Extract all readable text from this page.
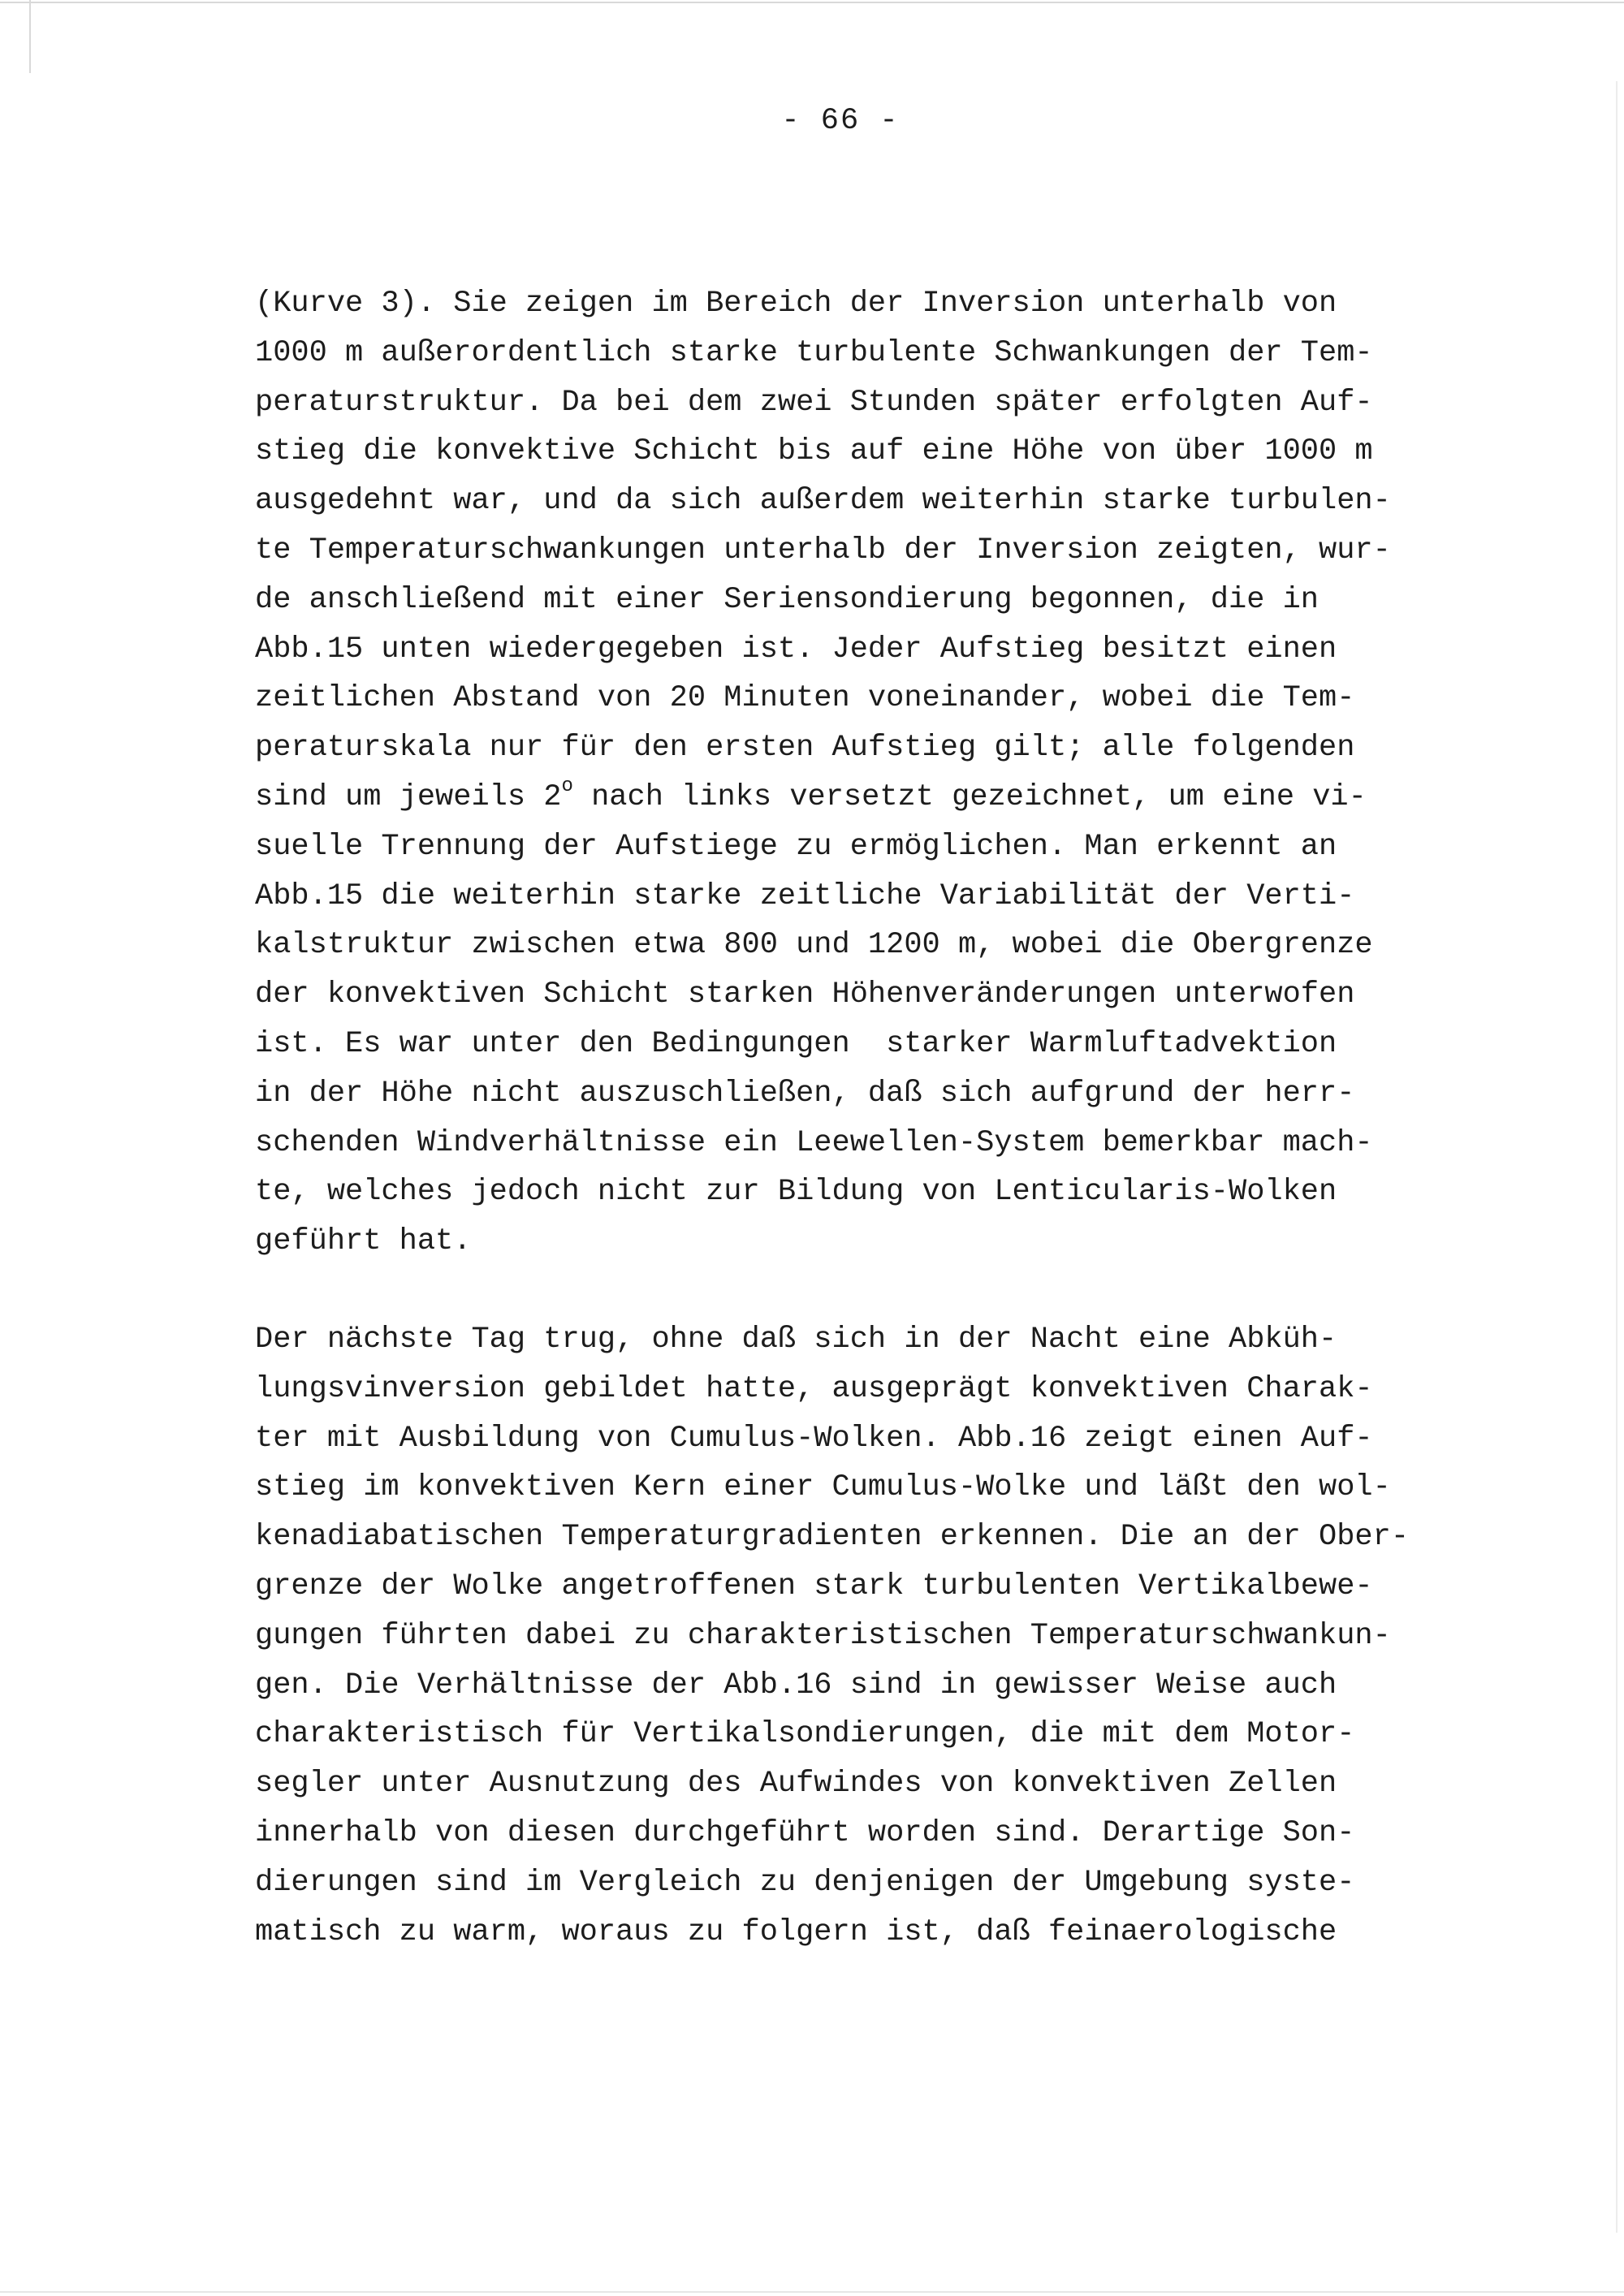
- 66 -
(Kurve 3). Sie zeigen im Bereich der Inversion unterhalb von
1000 m außerordentlich starke turbulente Schwankungen der Tem-
peraturstruktur. Da bei dem zwei Stunden später erfolgten Auf-
stieg die konvektive Schicht bis auf eine Höhe von über 1000 m
ausgedehnt war, und da sich außerdem weiterhin starke turbulen-
te Temperaturschwankungen unterhalb der Inversion zeigten, wur-
de anschließend mit einer Seriensondierung begonnen, die in
Abb.15 unten wiedergegeben ist. Jeder Aufstieg besitzt einen
zeitlichen Abstand von 20 Minuten voneinander, wobei die Tem-
peraturskala nur für den ersten Aufstieg gilt; alle folgenden
sind um jeweils 2$^o$ nach links versetzt gezeichnet, um eine vi-
suelle Trennung der Aufstiege zu ermöglichen. Man erkennt an
Abb.15 die weiterhin starke zeitliche Variabilität der Verti-
kalstruktur zwischen etwa 800 und 1200 m, wobei die Obergrenze
der konvektiven Schicht starken Höhenveränderungen unterwofen
ist. Es war unter den Bedingungen  starker Warmluftadvektion
in der Höhe nicht auszuschließen, daß sich aufgrund der herr-
schenden Windverhältnisse ein Leewellen-System bemerkbar mach-
te, welches jedoch nicht zur Bildung von Lenticularis-Wolken
geführt hat.
Der nächste Tag trug, ohne daß sich in der Nacht eine Abküh-
lungsvinversion gebildet hatte, ausgeprägt konvektiven Charak-
ter mit Ausbildung von Cumulus-Wolken. Abb.16 zeigt einen Auf-
stieg im konvektiven Kern einer Cumulus-Wolke und läßt den wol-
kenadiabatischen Temperaturgradienten erkennen. Die an der Ober-
grenze der Wolke angetroffenen stark turbulenten Vertikalbewe-
gungen führten dabei zu charakteristischen Temperaturschwankun-
gen. Die Verhältnisse der Abb.16 sind in gewisser Weise auch
charakteristisch für Vertikalsondierungen, die mit dem Motor-
segler unter Ausnutzung des Aufwindes von konvektiven Zellen
innerhalb von diesen durchgeführt worden sind. Derartige Son-
dierungen sind im Vergleich zu denjenigen der Umgebung syste-
matisch zu warm, woraus zu folgern ist, daß feinaerologische
